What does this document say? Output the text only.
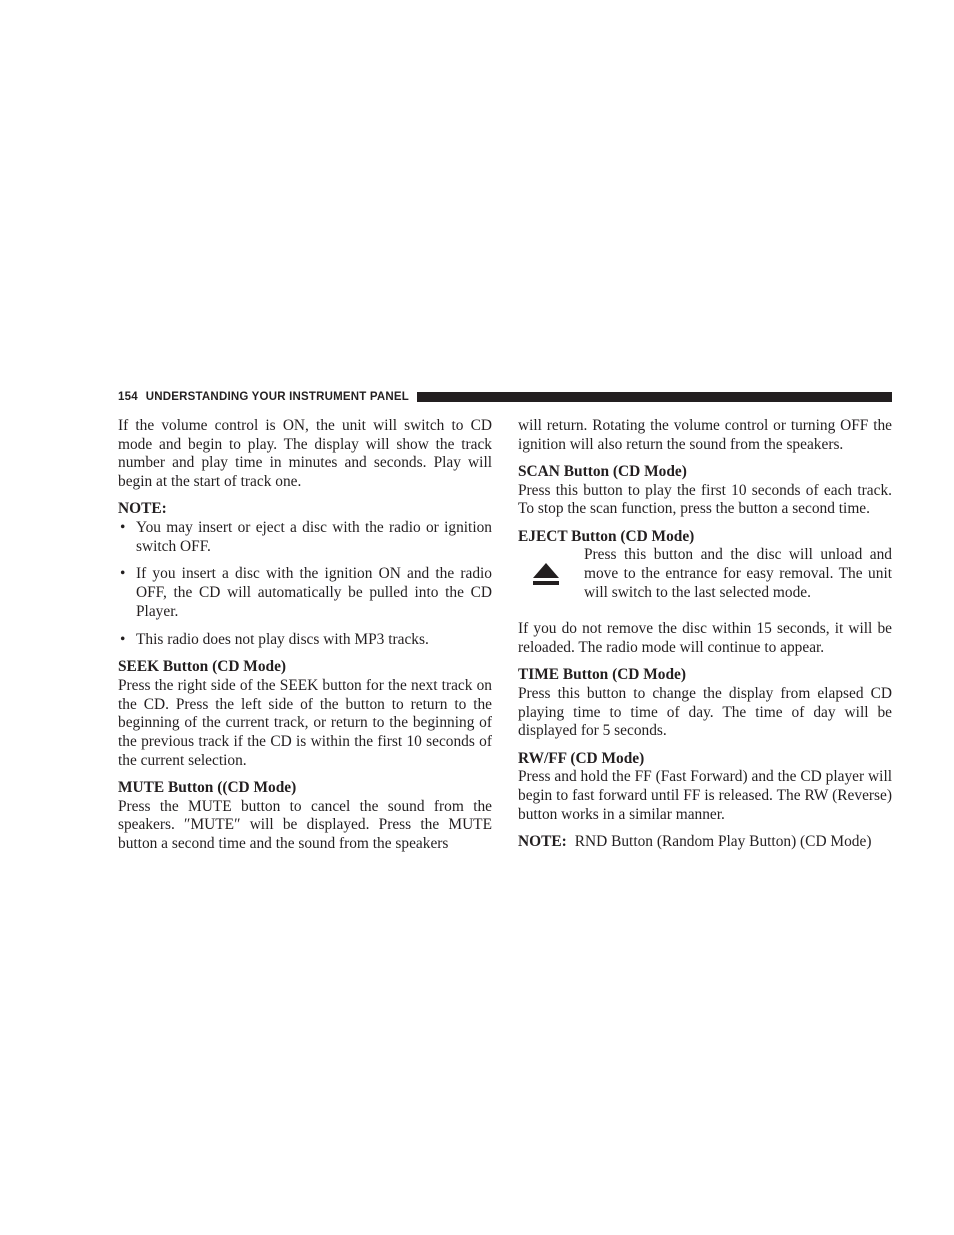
154 UNDERSTANDING YOUR INSTRUMENT PANEL

If the volume control is ON, the unit will switch to CD mode and begin to play. The display will show the track number and play time in minutes and seconds. Play will begin at the start of track one.

NOTE:

• You may insert or eject a disc with the radio or ignition switch OFF.
• If you insert a disc with the ignition ON and the radio OFF, the CD will automatically be pulled into the CD Player.
• This radio does not play discs with MP3 tracks.

SEEK Button (CD Mode)

Press the right side of the SEEK button for the next track on the CD. Press the left side of the button to return to the beginning of the current track, or return to the beginning of the previous track if the CD is within the first 10 seconds of the current selection.

MUTE Button ((CD Mode)

Press the MUTE button to cancel the sound from the speakers. ″MUTE″ will be displayed. Press the MUTE button a second time and the sound from the speakers

will return. Rotating the volume control or turning OFF the ignition will also return the sound from the speakers.

SCAN Button (CD Mode)

Press this button to play the first 10 seconds of each track. To stop the scan function, press the button a second time.

EJECT Button (CD Mode)

Press this button and the disc will unload and move to the entrance for easy removal. The unit will switch to the last selected mode.

If you do not remove the disc within 15 seconds, it will be reloaded. The radio mode will continue to appear.

TIME Button (CD Mode)

Press this button to change the display from elapsed CD playing time to time of day. The time of day will be displayed for 5 seconds.

RW/FF (CD Mode)

Press and hold the FF (Fast Forward) and the CD player will begin to fast forward until FF is released. The RW (Reverse) button works in a similar manner.

NOTE: RND Button (Random Play Button) (CD Mode)
